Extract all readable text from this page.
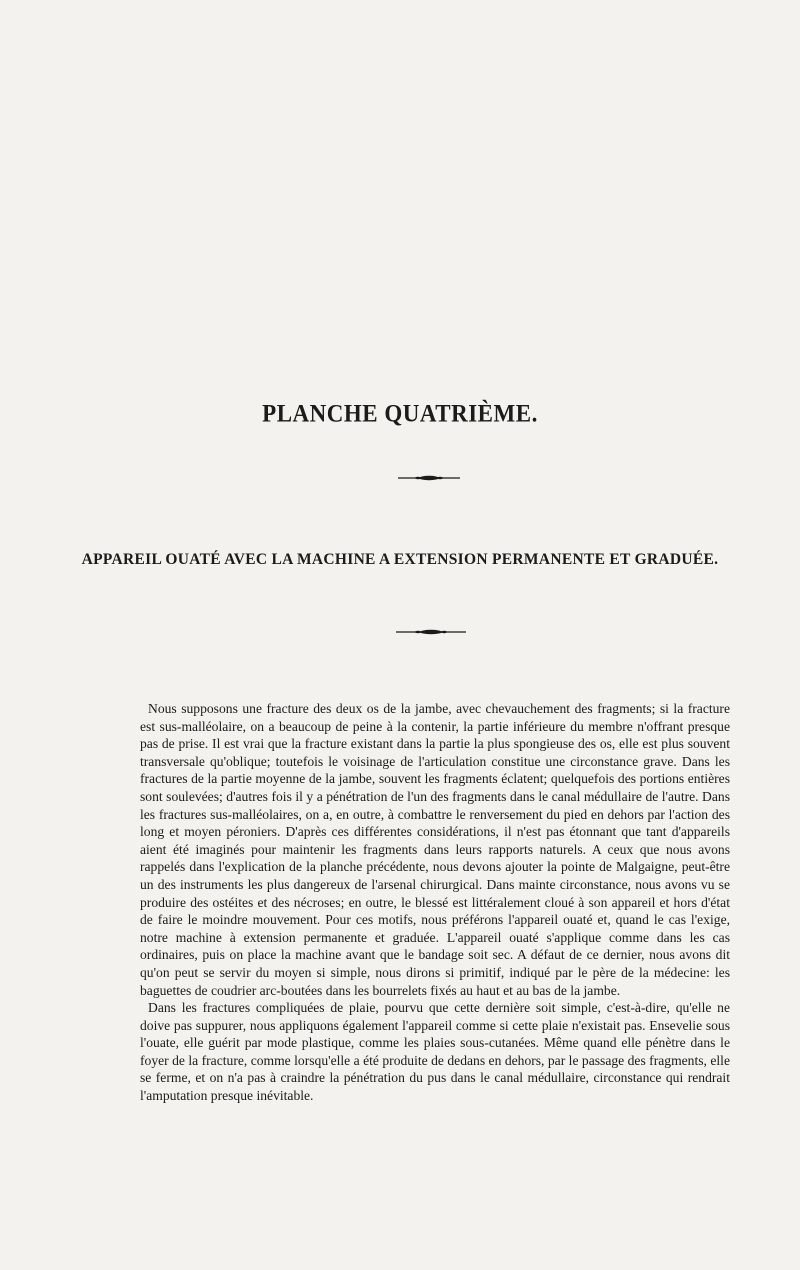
PLANCHE QUATRIÈME.
APPAREIL OUATÉ AVEC LA MACHINE A EXTENSION PERMANENTE ET GRADUÉE.

Nous supposons une fracture des deux os de la jambe, avec chevauchement des fragments; si la fracture est sus-malléolaire, on a beaucoup de peine à la contenir, la partie inférieure du membre n'offrant presque pas de prise. Il est vrai que la fracture existant dans la partie la plus spongieuse des os, elle est plus souvent transversale qu'oblique; toutefois le voisinage de l'articulation constitue une circonstance grave. Dans les fractures de la partie moyenne de la jambe, souvent les fragments éclatent; quelquefois des portions entières sont soulevées; d'autres fois il y a pénétration de l'un des fragments dans le canal médullaire de l'autre. Dans les fractures sus-malléolaires, on a, en outre, à combattre le renversement du pied en dehors par l'action des long et moyen péroniers. D'après ces différentes considérations, il n'est pas étonnant que tant d'appareils aient été imaginés pour maintenir les fragments dans leurs rapports naturels. A ceux que nous avons rappelés dans l'explication de la planche précédente, nous devons ajouter la pointe de Malgaigne, peut-être un des instruments les plus dangereux de l'arsenal chirurgical. Dans mainte circonstance, nous avons vu se produire des ostéites et des nécroses; en outre, le blessé est littéralement cloué à son appareil et hors d'état de faire le moindre mouvement. Pour ces motifs, nous préférons l'appareil ouaté et, quand le cas l'exige, notre machine à extension permanente et graduée. L'appareil ouaté s'applique comme dans les cas ordinaires, puis on place la machine avant que le bandage soit sec. A défaut de ce dernier, nous avons dit qu'on peut se servir du moyen si simple, nous dirons si primitif, indiqué par le père de la médecine: les baguettes de coudrier arc-boutées dans les bourrelets fixés au haut et au bas de la jambe.

Dans les fractures compliquées de plaie, pourvu que cette dernière soit simple, c'est-à-dire, qu'elle ne doive pas suppurer, nous appliquons également l'appareil comme si cette plaie n'existait pas. Ensevelie sous l'ouate, elle guérit par mode plastique, comme les plaies sous-cutanées. Même quand elle pénètre dans le foyer de la fracture, comme lorsqu'elle a été produite de dedans en dehors, par le passage des fragments, elle se ferme, et on n'a pas à craindre la pénétration du pus dans le canal médullaire, circonstance qui rendrait l'amputation presque inévitable.
